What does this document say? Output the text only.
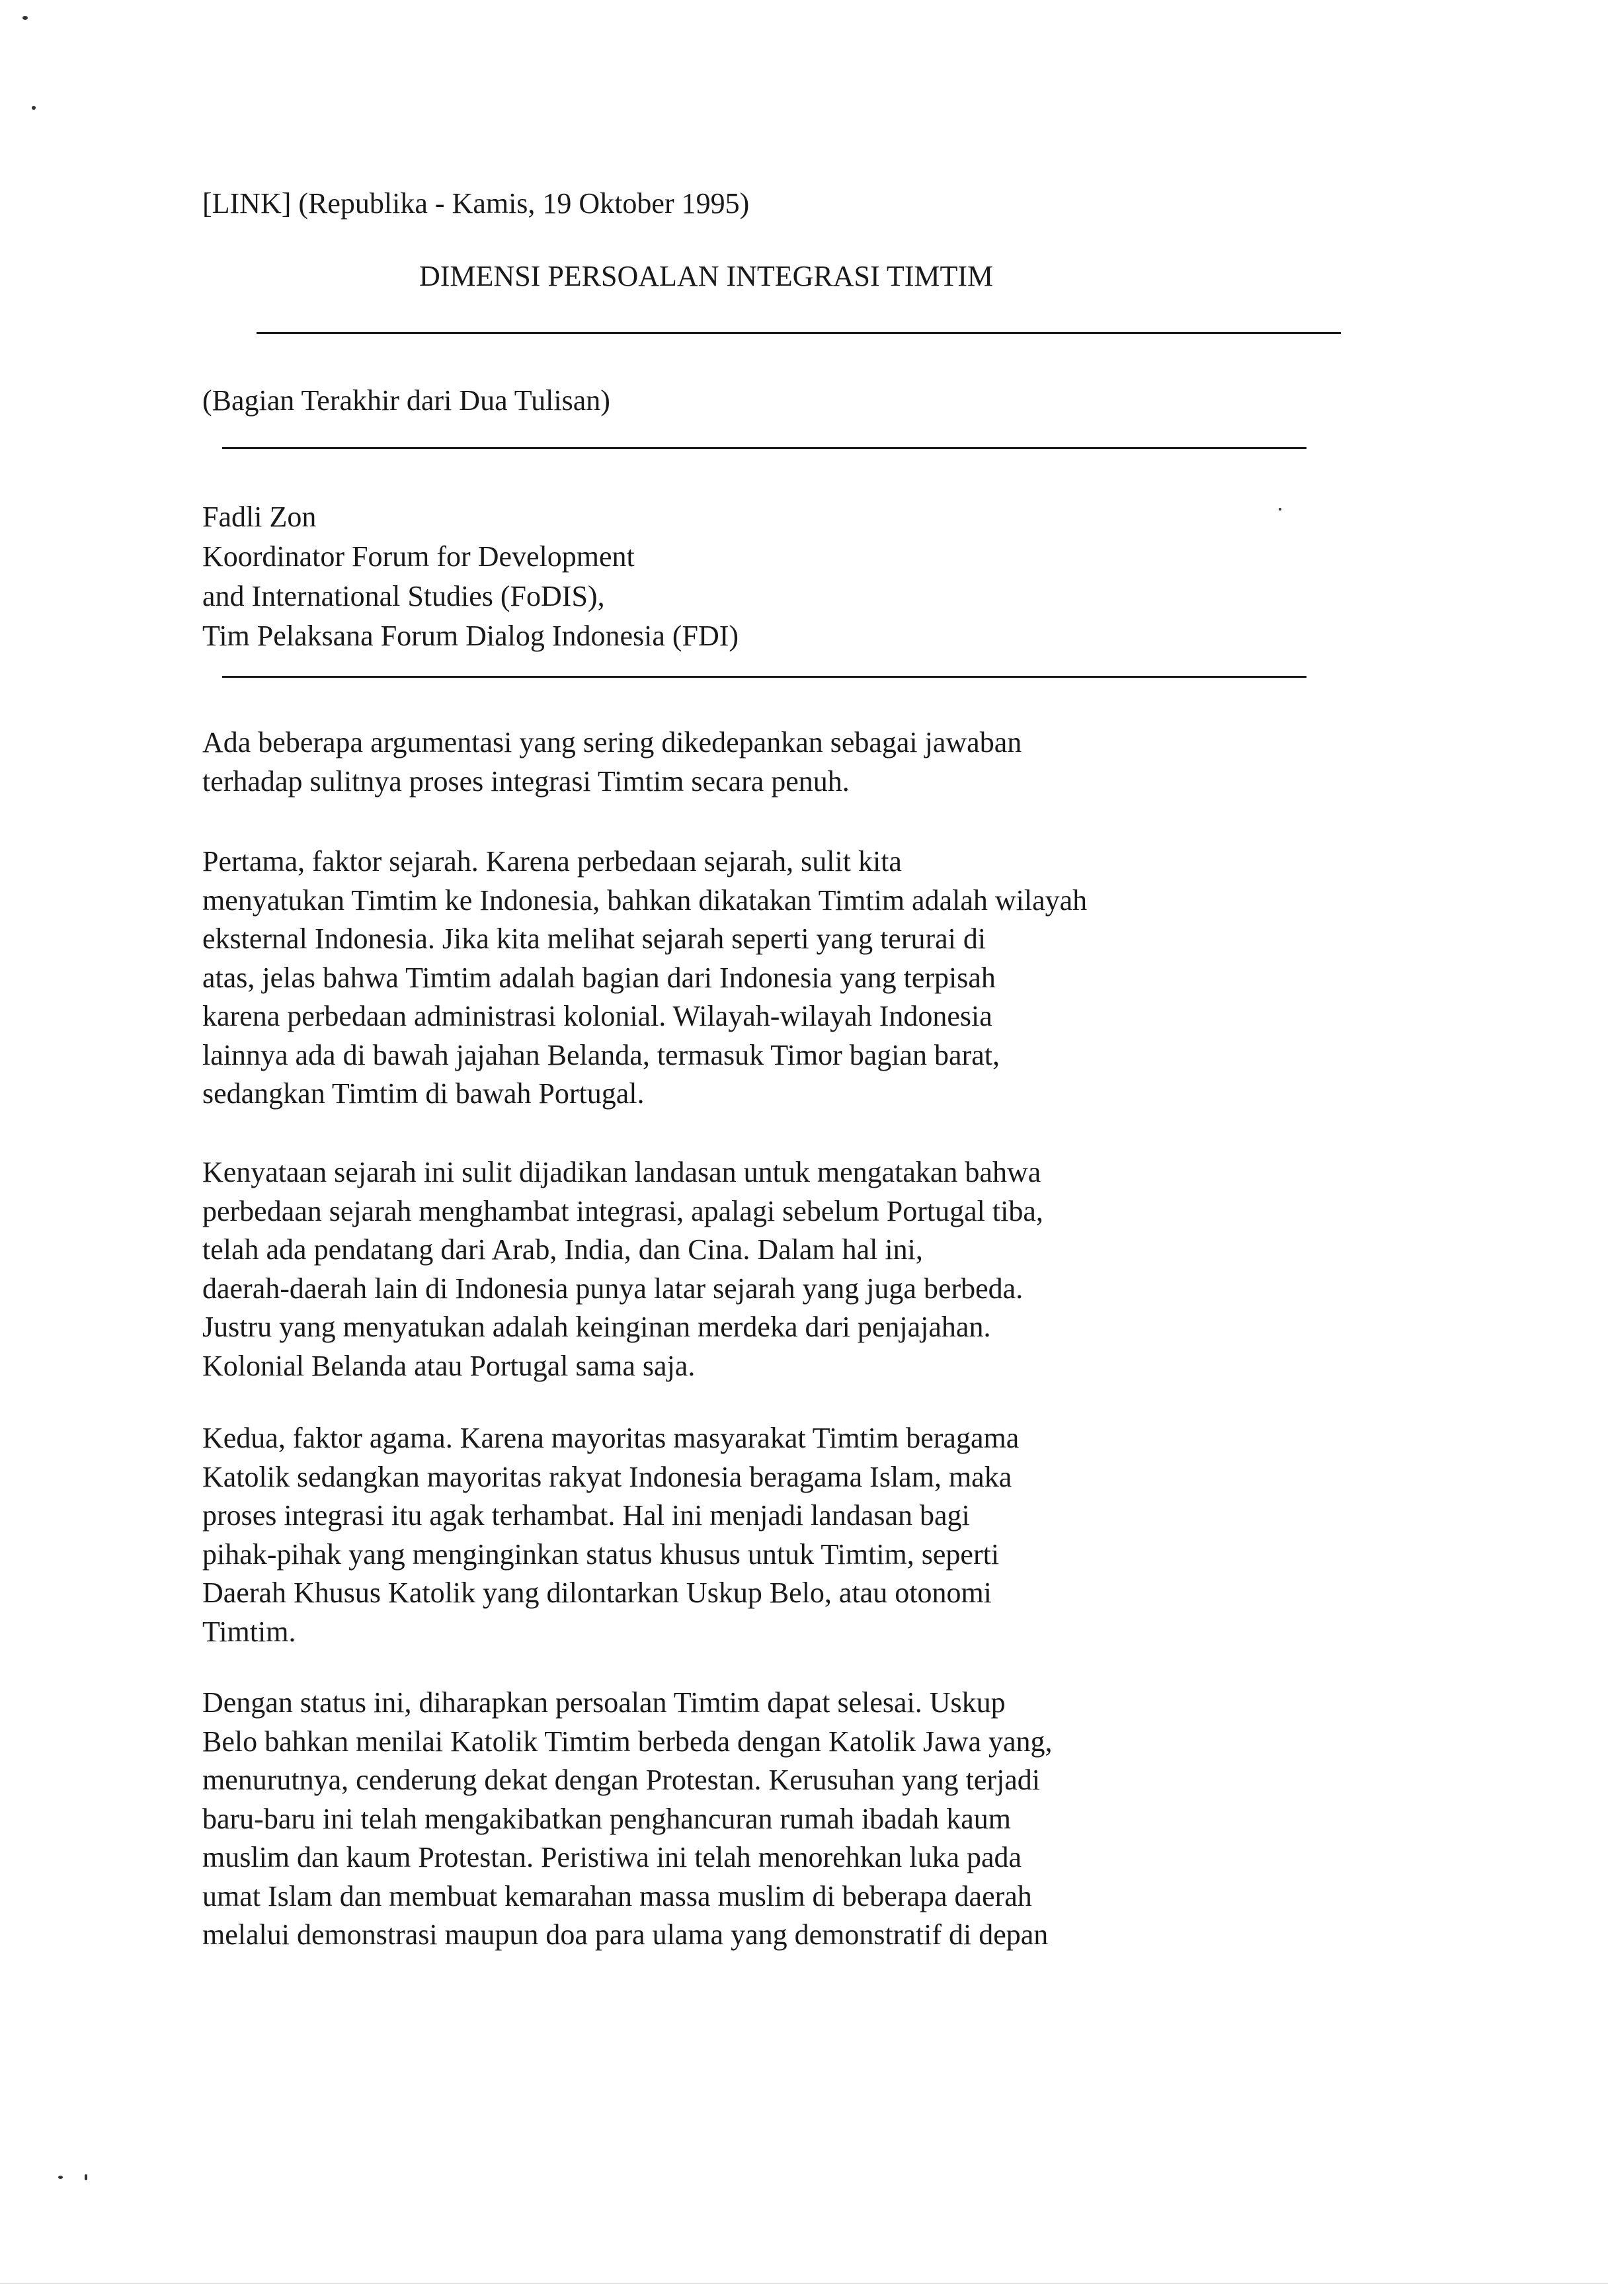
[LINK] (Republika - Kamis, 19 Oktober 1995)
DIMENSI PERSOALAN INTEGRASI TIMTIM
(Bagian Terakhir dari Dua Tulisan)
Fadli Zon
Koordinator Forum for Development
and International Studies (FoDIS),
Tim Pelaksana Forum Dialog Indonesia (FDI)
Ada beberapa argumentasi yang sering dikedepankan sebagai jawaban
terhadap sulitnya proses integrasi Timtim secara penuh.
Pertama, faktor sejarah. Karena perbedaan sejarah, sulit kita
menyatukan Timtim ke Indonesia, bahkan dikatakan Timtim adalah wilayah
eksternal Indonesia. Jika kita melihat sejarah seperti yang terurai di
atas, jelas bahwa Timtim adalah bagian dari Indonesia yang terpisah
karena perbedaan administrasi kolonial. Wilayah-wilayah Indonesia
lainnya ada di bawah jajahan Belanda, termasuk Timor bagian barat,
sedangkan Timtim di bawah Portugal.
Kenyataan sejarah ini sulit dijadikan landasan untuk mengatakan bahwa
perbedaan sejarah menghambat integrasi, apalagi sebelum Portugal tiba,
telah ada pendatang dari Arab, India, dan Cina. Dalam hal ini,
daerah-daerah lain di Indonesia punya latar sejarah yang juga berbeda.
Justru yang menyatukan adalah keinginan merdeka dari penjajahan.
Kolonial Belanda atau Portugal sama saja.
Kedua, faktor agama. Karena mayoritas masyarakat Timtim beragama
Katolik sedangkan mayoritas rakyat Indonesia beragama Islam, maka
proses integrasi itu agak terhambat. Hal ini menjadi landasan bagi
pihak-pihak yang menginginkan status khusus untuk Timtim, seperti
Daerah Khusus Katolik yang dilontarkan Uskup Belo, atau otonomi
Timtim.
Dengan status ini, diharapkan persoalan Timtim dapat selesai. Uskup
Belo bahkan menilai Katolik Timtim berbeda dengan Katolik Jawa yang,
menurutnya, cenderung dekat dengan Protestan. Kerusuhan yang terjadi
baru-baru ini telah mengakibatkan penghancuran rumah ibadah kaum
muslim dan kaum Protestan. Peristiwa ini telah menorehkan luka pada
umat Islam dan membuat kemarahan massa muslim di beberapa daerah
melalui demonstrasi maupun doa para ulama yang demonstratif di depan
